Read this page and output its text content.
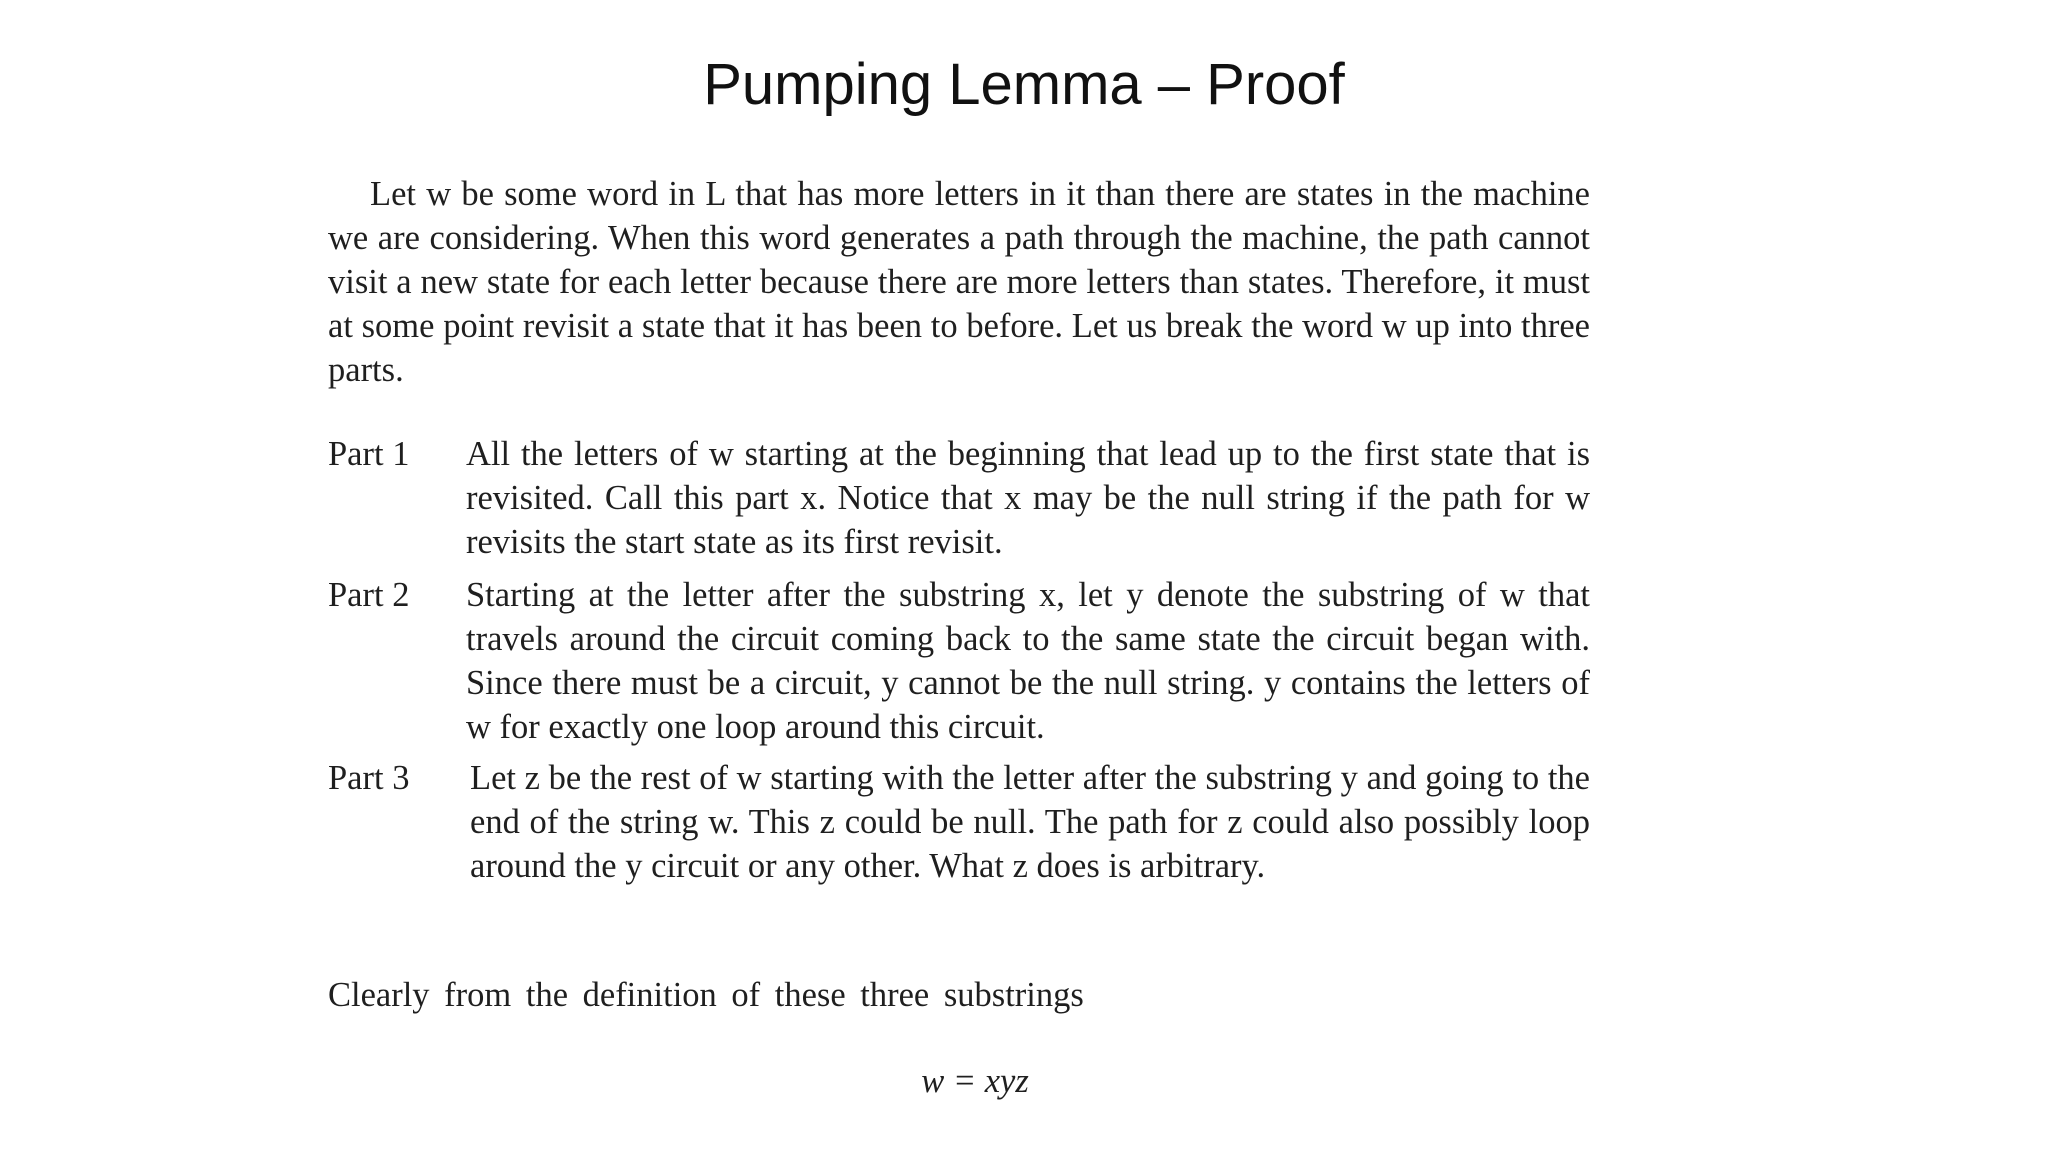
Pumping Lemma – Proof

Let w be some word in L that has more letters in it than there are states in the machine we are considering. When this word generates a path through the machine, the path cannot visit a new state for each letter because there are more letters than states. Therefore, it must at some point revisit a state that it has been to before. Let us break the word w up into three parts.

Part 1	All the letters of w starting at the beginning that lead up to the first state that is revisited. Call this part x. Notice that x may be the null string if the path for w revisits the start state as its first revisit.

Part 2	Starting at the letter after the substring x, let y denote the substring of w that travels around the circuit coming back to the same state the circuit began with. Since there must be a circuit, y cannot be the null string. y contains the letters of w for exactly one loop around this circuit.

Part 3	Let z be the rest of w starting with the letter after the substring y and going to the end of the string w. This z could be null. The path for z could also possibly loop around the y circuit or any other. What z does is arbitrary.

Clearly from the definition of these three substrings

w = xyz
